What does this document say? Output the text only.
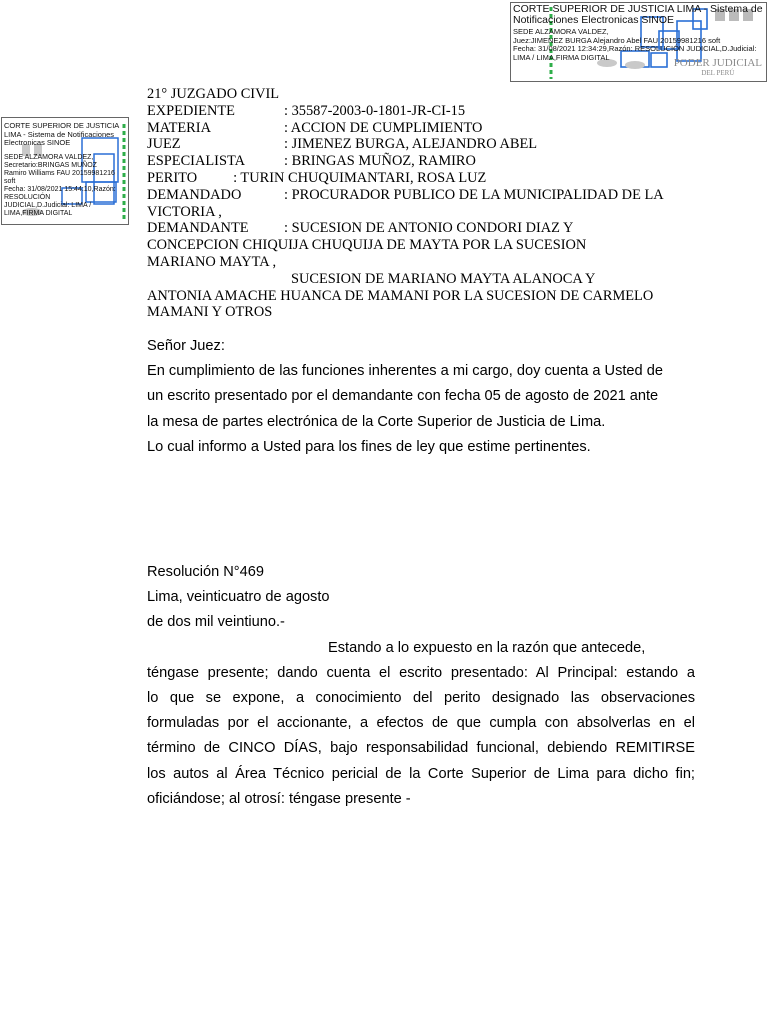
CORTE SUPERIOR DE JUSTICIA LIMA - Sistema de Notificaciones Electronicas SINOE
SEDE ALZAMORA VALDEZ,
Juez:JIMENEZ BURGA Alejandro Abel FAU 20159981216 soft
Fecha: 31/08/2021 12:34:29,Razón: RESOLUCIÓN JUDICIAL,D.Judicial:
LIMA / LIMA,FIRMA DIGITAL	PODER JUDICIAL
DEL PERÚ
CORTE SUPERIOR DE JUSTICIA LIMA - Sistema de Notificaciones Electronicas SINOE
SEDE ALZAMORA VALDEZ,
Secretario:BRINGAS MUÑOZ
Ramiro Williams FAU 20159981216
soft
Fecha: 31/08/2021 15:44:10,Razón:
RESOLUCIÓN
JUDICIAL,D.Judicial: LIMA /
LIMA,FIRMA DIGITAL
21° JUZGADO CIVIL
EXPEDIENTE	: 35587-2003-0-1801-JR-CI-15
MATERIA	: ACCION DE CUMPLIMIENTO
JUEZ	: JIMENEZ BURGA, ALEJANDRO ABEL
ESPECIALISTA	: BRINGAS MUÑOZ, RAMIRO
PERITO          : TURIN CHUQUIMANTARI, ROSA LUZ
DEMANDADO	: PROCURADOR PUBLICO DE LA MUNICIPALIDAD DE LA
VICTORIA ,
DEMANDANTE	: SUCESION DE ANTONIO CONDORI DIAZ Y
CONCEPCION CHIQUIJA CHUQUIJA DE MAYTA POR LA SUCESION
MARIANO MAYTA ,
SUCESION DE MARIANO MAYTA ALANOCA Y
ANTONIA AMACHE HUANCA DE MAMANI POR LA SUCESION DE CARMELO
MAMANI Y OTROS
Señor Juez:
En cumplimiento de las funciones inherentes a mi cargo, doy cuenta a Usted de
un escrito presentado por el demandante con fecha 05 de agosto de 2021 ante
la mesa de partes electrónica de la Corte Superior de Justicia de Lima.
Lo cual informo a Usted para los fines de ley que estime pertinentes.
Resolución N°469
Lima, veinticuatro de agosto
de dos mil veintiuno.-
Estando a lo expuesto en la razón que antecede,
téngase presente; dando cuenta el escrito presentado: Al Principal: estando a
lo que se expone, a conocimiento del perito designado las observaciones
formuladas por el accionante, a efectos de que cumpla con absolverlas en el
término de CINCO DÍAS, bajo responsabilidad funcional, debiendo REMITIRSE
los autos al Área Técnico pericial de la Corte Superior de Lima para dicho fin;
oficiándose; al otrosí: téngase presente -
